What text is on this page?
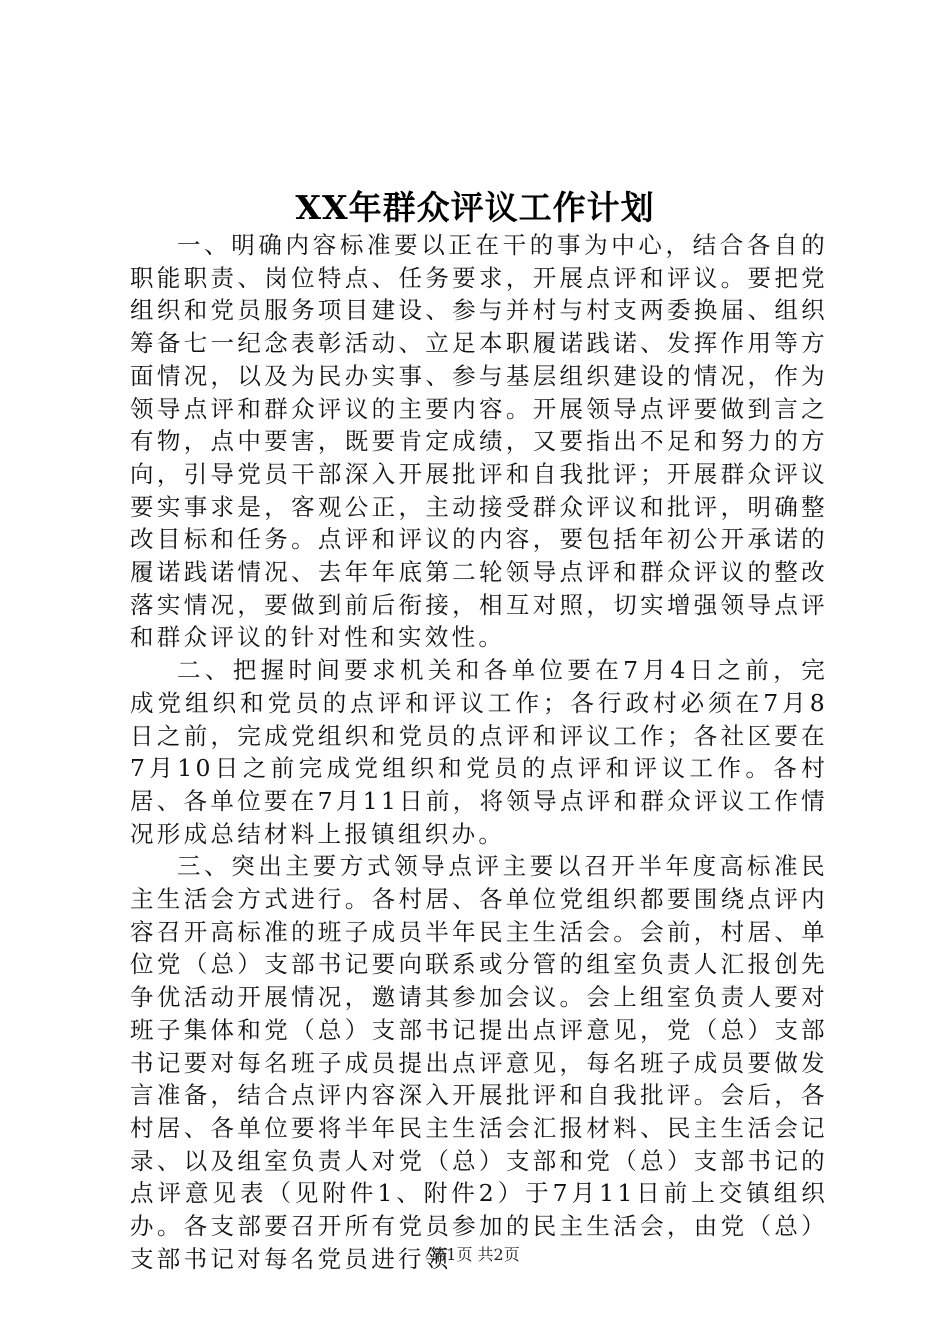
XX年群众评议工作计划

一、明确内容标准要以正在干的事为中心，结合各自的职能职责、岗位特点、任务要求，开展点评和评议。要把党组织和党员服务项目建设、参与并村与村支两委换届、组织筹备七一纪念表彰活动、立足本职履诺践诺、发挥作用等方面情况，以及为民办实事、参与基层组织建设的情况，作为领导点评和群众评议的主要内容。开展领导点评要做到言之有物，点中要害，既要肯定成绩，又要指出不足和努力的方向，引导党员干部深入开展批评和自我批评；开展群众评议要实事求是，客观公正，主动接受群众评议和批评，明确整改目标和任务。点评和评议的内容，要包括年初公开承诺的履诺践诺情况、去年年底第二轮领导点评和群众评议的整改落实情况，要做到前后衔接，相互对照，切实增强领导点评和群众评议的针对性和实效性。

二、把握时间要求机关和各单位要在7月4日之前，完成党组织和党员的点评和评议工作；各行政村必须在7月8日之前，完成党组织和党员的点评和评议工作；各社区要在7月10日之前完成党组织和党员的点评和评议工作。各村居、各单位要在7月11日前，将领导点评和群众评议工作情况形成总结材料上报镇组织办。

三、突出主要方式领导点评主要以召开半年度高标准民主生活会方式进行。各村居、各单位党组织都要围绕点评内容召开高标准的班子成员半年民主生活会。会前，村居、单位党（总）支部书记要向联系或分管的组室负责人汇报创先争优活动开展情况，邀请其参加会议。会上组室负责人要对班子集体和党（总）支部书记提出点评意见，党（总）支部书记要对每名班子成员提出点评意见，每名班子成员要做发言准备，结合点评内容深入开展批评和自我批评。会后，各村居、各单位要将半年民主生活会汇报材料、民主生活会记录、以及组室负责人对党（总）支部和党（总）支部书记的点评意见表（见附件1、附件2）于7月11日前上交镇组织办。各支部要召开所有党员参加的民主生活会，由党（总）支部书记对每名党员进行领

第1页 共2页
